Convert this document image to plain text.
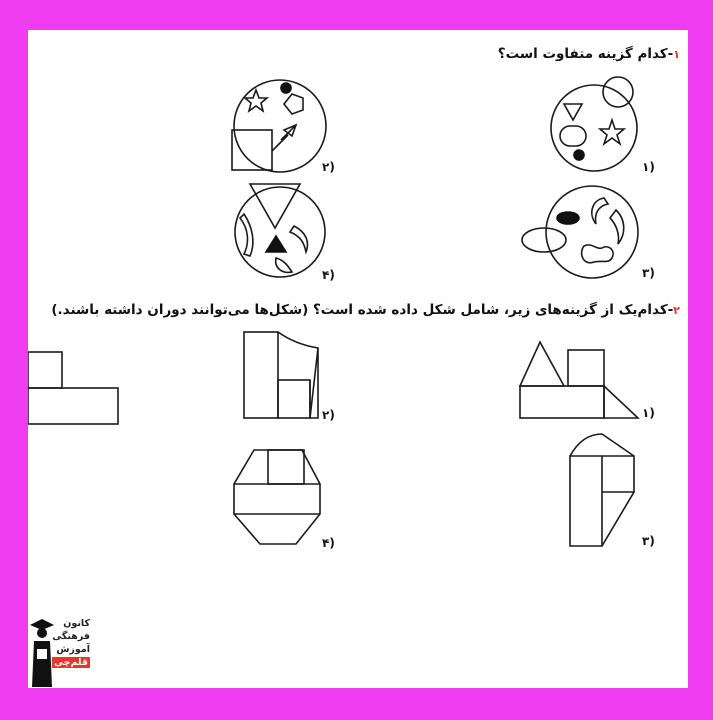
۱-کدام گزینه متفاوت است؟
۱)
۲)
۳)
۴)
۲-کدام‌یک از گزینه‌های زیر، شامل شکل داده شده است؟ (شکل‌ها می‌توانند دوران داشته باشند.)
۱)
۲)
۳)
۴)
کانون
فرهنگی
آموزش
قلم‌چی
